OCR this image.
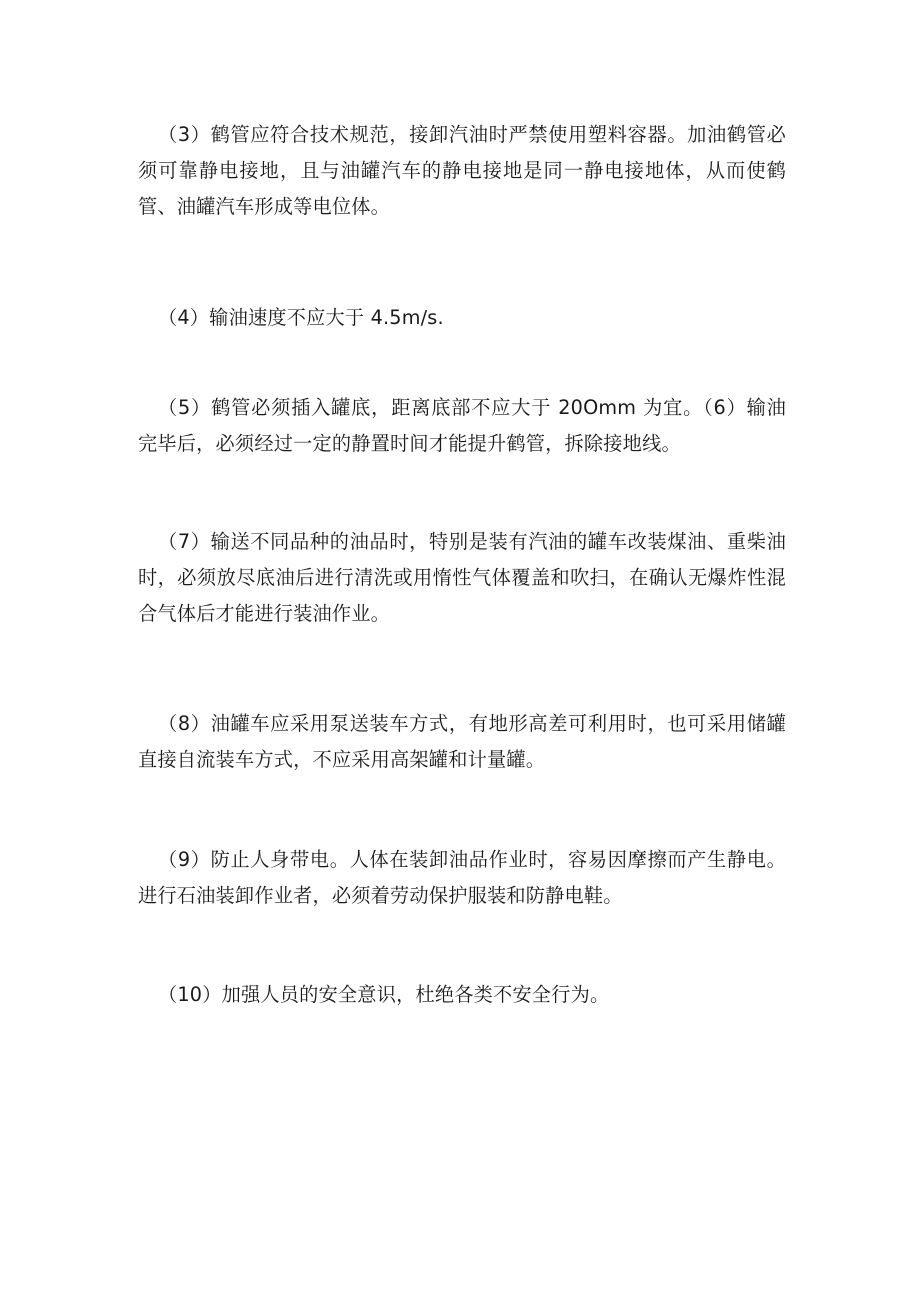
（3）鹤管应符合技术规范，接卸汽油时严禁使用塑料容器。加油鹤管必须可靠静电接地，且与油罐汽车的静电接地是同一静电接地体，从而使鹤管、油罐汽车形成等电位体。

（4）输油速度不应大于 4.5m∕s.

（5）鹤管必须插入罐底，距离底部不应大于 20Omm 为宜。（6）输油完毕后，必须经过一定的静置时间才能提升鹤管，拆除接地线。

（7）输送不同品种的油品时，特别是装有汽油的罐车改装煤油、重柴油时，必须放尽底油后进行清洗或用惰性气体覆盖和吹扫，在确认无爆炸性混合气体后才能进行装油作业。

（8）油罐车应采用泵送装车方式，有地形高差可利用时，也可采用储罐直接自流装车方式，不应采用高架罐和计量罐。

（9）防止人身带电。人体在装卸油品作业时，容易因摩擦而产生静电。进行石油装卸作业者，必须着劳动保护服装和防静电鞋。

（10）加强人员的安全意识，杜绝各类不安全行为。
